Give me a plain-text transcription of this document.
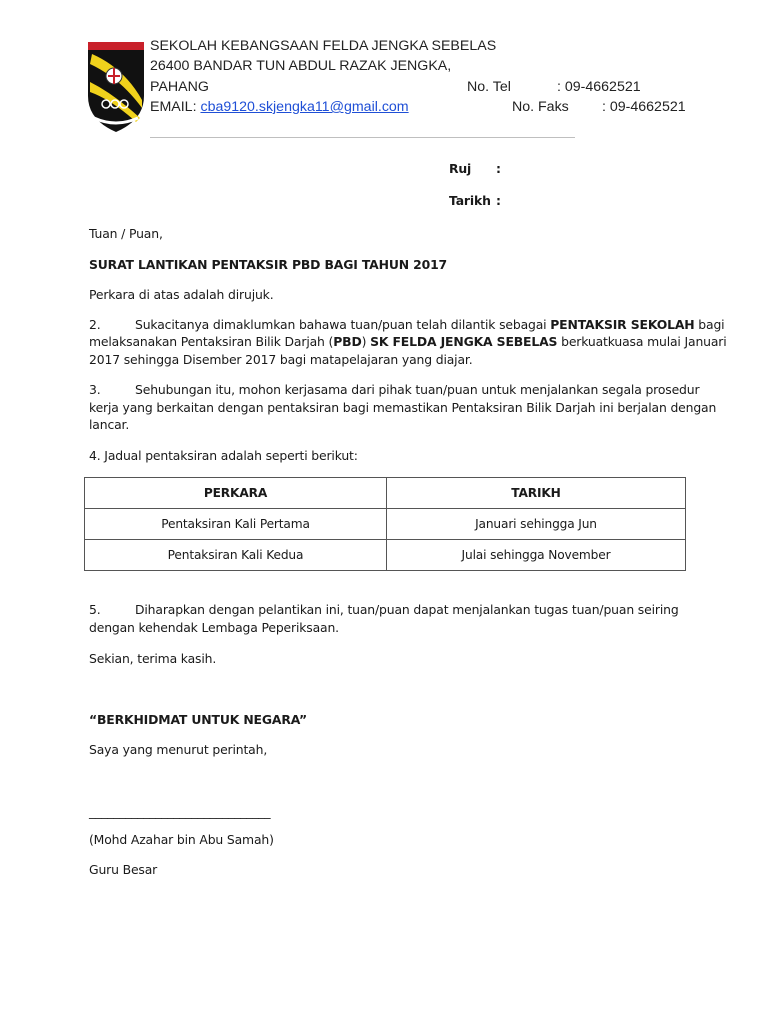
SEKOLAH KEBANGSAAN FELDA JENGKA SEBELAS
26400 BANDAR TUN ABDUL RAZAK JENGKA,
PAHANG	No. Tel	: 09-4662521
EMAIL: cba9120.skjengka11@gmail.com	No. Faks : 09-4662521
Ruj :
Tarikh :
Tuan / Puan,
SURAT LANTIKAN PENTAKSIR PBD BAGI TAHUN 2017
Perkara di atas adalah dirujuk.
2.	Sukacitanya dimaklumkan bahawa tuan/puan telah dilantik sebagai PENTAKSIR SEKOLAH bagi
melaksanakan Pentaksiran Bilik Darjah (PBD) SK FELDA JENGKA SEBELAS berkuatkuasa mulai Januari
2017 sehingga Disember 2017 bagi matapelajaran yang diajar.
3.	Sehubungan itu, mohon kerjasama dari pihak tuan/puan untuk menjalankan segala prosedur
kerja yang berkaitan dengan pentaksiran bagi memastikan Pentaksiran Bilik Darjah ini berjalan dengan
lancar.
4. Jadual pentaksiran adalah seperti berikut:
PERKARA	TARIKH
Pentaksiran Kali Pertama	Januari sehingga Jun
Pentaksiran Kali Kedua	Julai sehingga November
5.	Diharapkan dengan pelantikan ini, tuan/puan dapat menjalankan tugas tuan/puan seiring
dengan kehendak Lembaga Peperiksaan.
Sekian, terima kasih.
“BERKHIDMAT UNTUK NEGARA”
Saya yang menurut perintah,
______________________________
(Mohd Azahar bin Abu Samah)
Guru Besar
